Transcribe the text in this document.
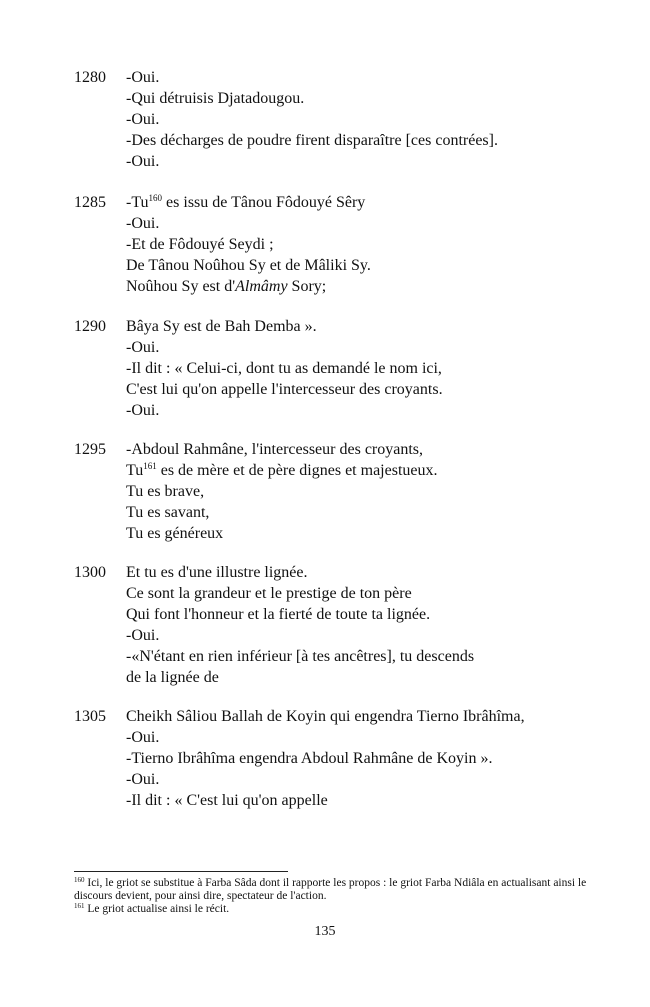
1280 -Oui.
-Qui détruisis Djatadougou.
-Oui.
-Des décharges de poudre firent disparaître [ces contrées].
-Oui.
1285 -Tu$^{160}$ es issu de Tânou Fôdouyé Sêry
-Oui.
-Et de Fôdouyé Seydi ;
De Tânou Noûhou Sy et de Mâliki Sy.
Noûhou Sy est d'Almâmy Sory;
1290 Bâya Sy est de Bah Demba ».
-Oui.
-Il dit : « Celui-ci, dont tu as demandé le nom ici,
C'est lui qu'on appelle l'intercesseur des croyants.
-Oui.
1295 -Abdoul Rahmâne, l'intercesseur des croyants,
Tu$^{161}$ es de mère et de père dignes et majestueux.
Tu es brave,
Tu es savant,
Tu es généreux
1300 Et tu es d'une illustre lignée.
Ce sont la grandeur et le prestige de ton père
Qui font l'honneur et la fierté de toute ta lignée.
-Oui.
-«N'étant en rien inférieur [à tes ancêtres], tu descends
de la lignée de
1305 Cheikh Sâliou Ballah de Koyin qui engendra Tierno Ibrâhîma,
-Oui.
-Tierno Ibrâhîma engendra Abdoul Rahmâne de Koyin ».
-Oui.
-Il dit : « C'est lui qu'on appelle

$^{160}$ Ici, le griot se substitue à Farba Sâda dont il rapporte les propos : le griot Farba Ndiâla en actualisant ainsi le discours devient, pour ainsi dire, spectateur de l'action.

$^{161}$ Le griot actualise ainsi le récit.

135
